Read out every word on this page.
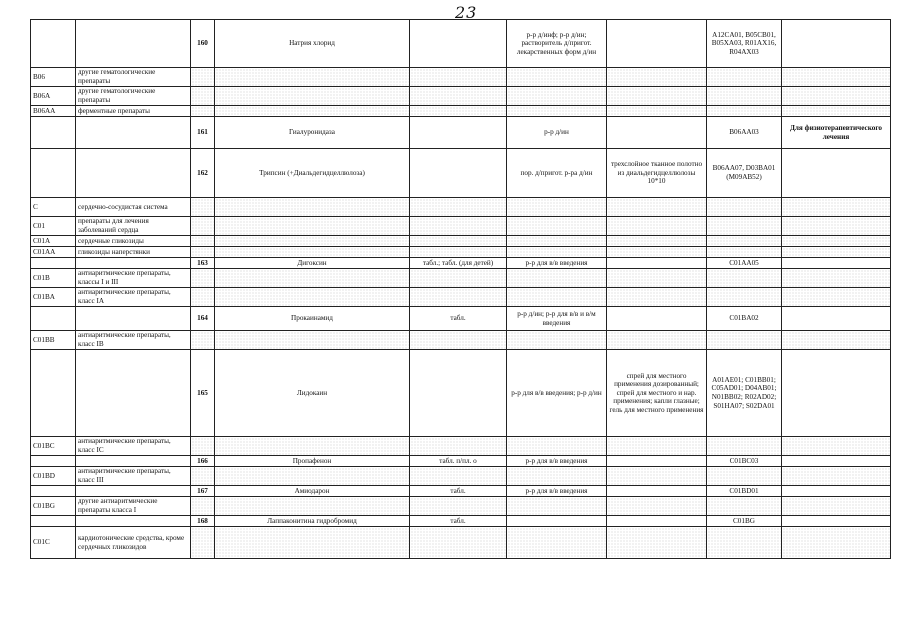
23
		160	Натрия хлорид		р-р д/инф; р-р д/ин; растворитель д/пригот. лекарственных форм д/ин		A12CA01, B05CB01, B05XA03, R01AX16, R04AX03	
B06	другие гематологические препараты							
B06A	другие гематологические препараты							
B06AA	ферментные препараты							
		161	Гиалуронидаза		р-р д/ин		B06AA03	Для физиотерапевтического лечения
		162	Трипсин (+Диальдегидцеллюлоза)		пор. д/пригот. р-ра д/ин	трехслойное тканное полотно из диальдегидцеллюлозы 10*10	B06AA07, D03BA01 (M09AB52)	
C	сердечно-сосудистая система							
C01	препараты для лечения заболеваний сердца							
C01A	сердечные гликозиды							
C01AA	гликозиды наперстянки							
		163	Дигоксин	табл.; табл. (для детей)	р-р для в/в введения		C01AA05	
C01B	антиаритмические препараты, классы I и III							
C01BA	антиаритмические препараты, класс IA							
		164	Прокаинамид	табл.	р-р д/ин; р-р для в/в и в/м введения		C01BA02	
C01BB	антиаритмические препараты, класс IB							
		165	Лидокаин		р-р для в/в введения; р-р д/ин	спрей для местного применения дозированный; спрей для местного и нар. применения; капли глазные; гель для местного применения	A01AE01; C01BB01; C05AD01; D04AB01; N01BB02; R02AD02; S01HA07; S02DA01	
C01BC	антиаритмические препараты, класс IC							
		166	Пропафенон	табл. п/пл. о	р-р для в/в введения		C01BC03	
C01BD	антиаритмические препараты, класс III							
		167	Амиодарон	табл.	р-р для в/в введения		C01BD01	
C01BG	другие антиаритмические препараты класса I							
		168	Лаппаконитина гидробромид	табл.			C01BG	
C01C	кардиотонические средства, кроме сердечных гликозидов							
